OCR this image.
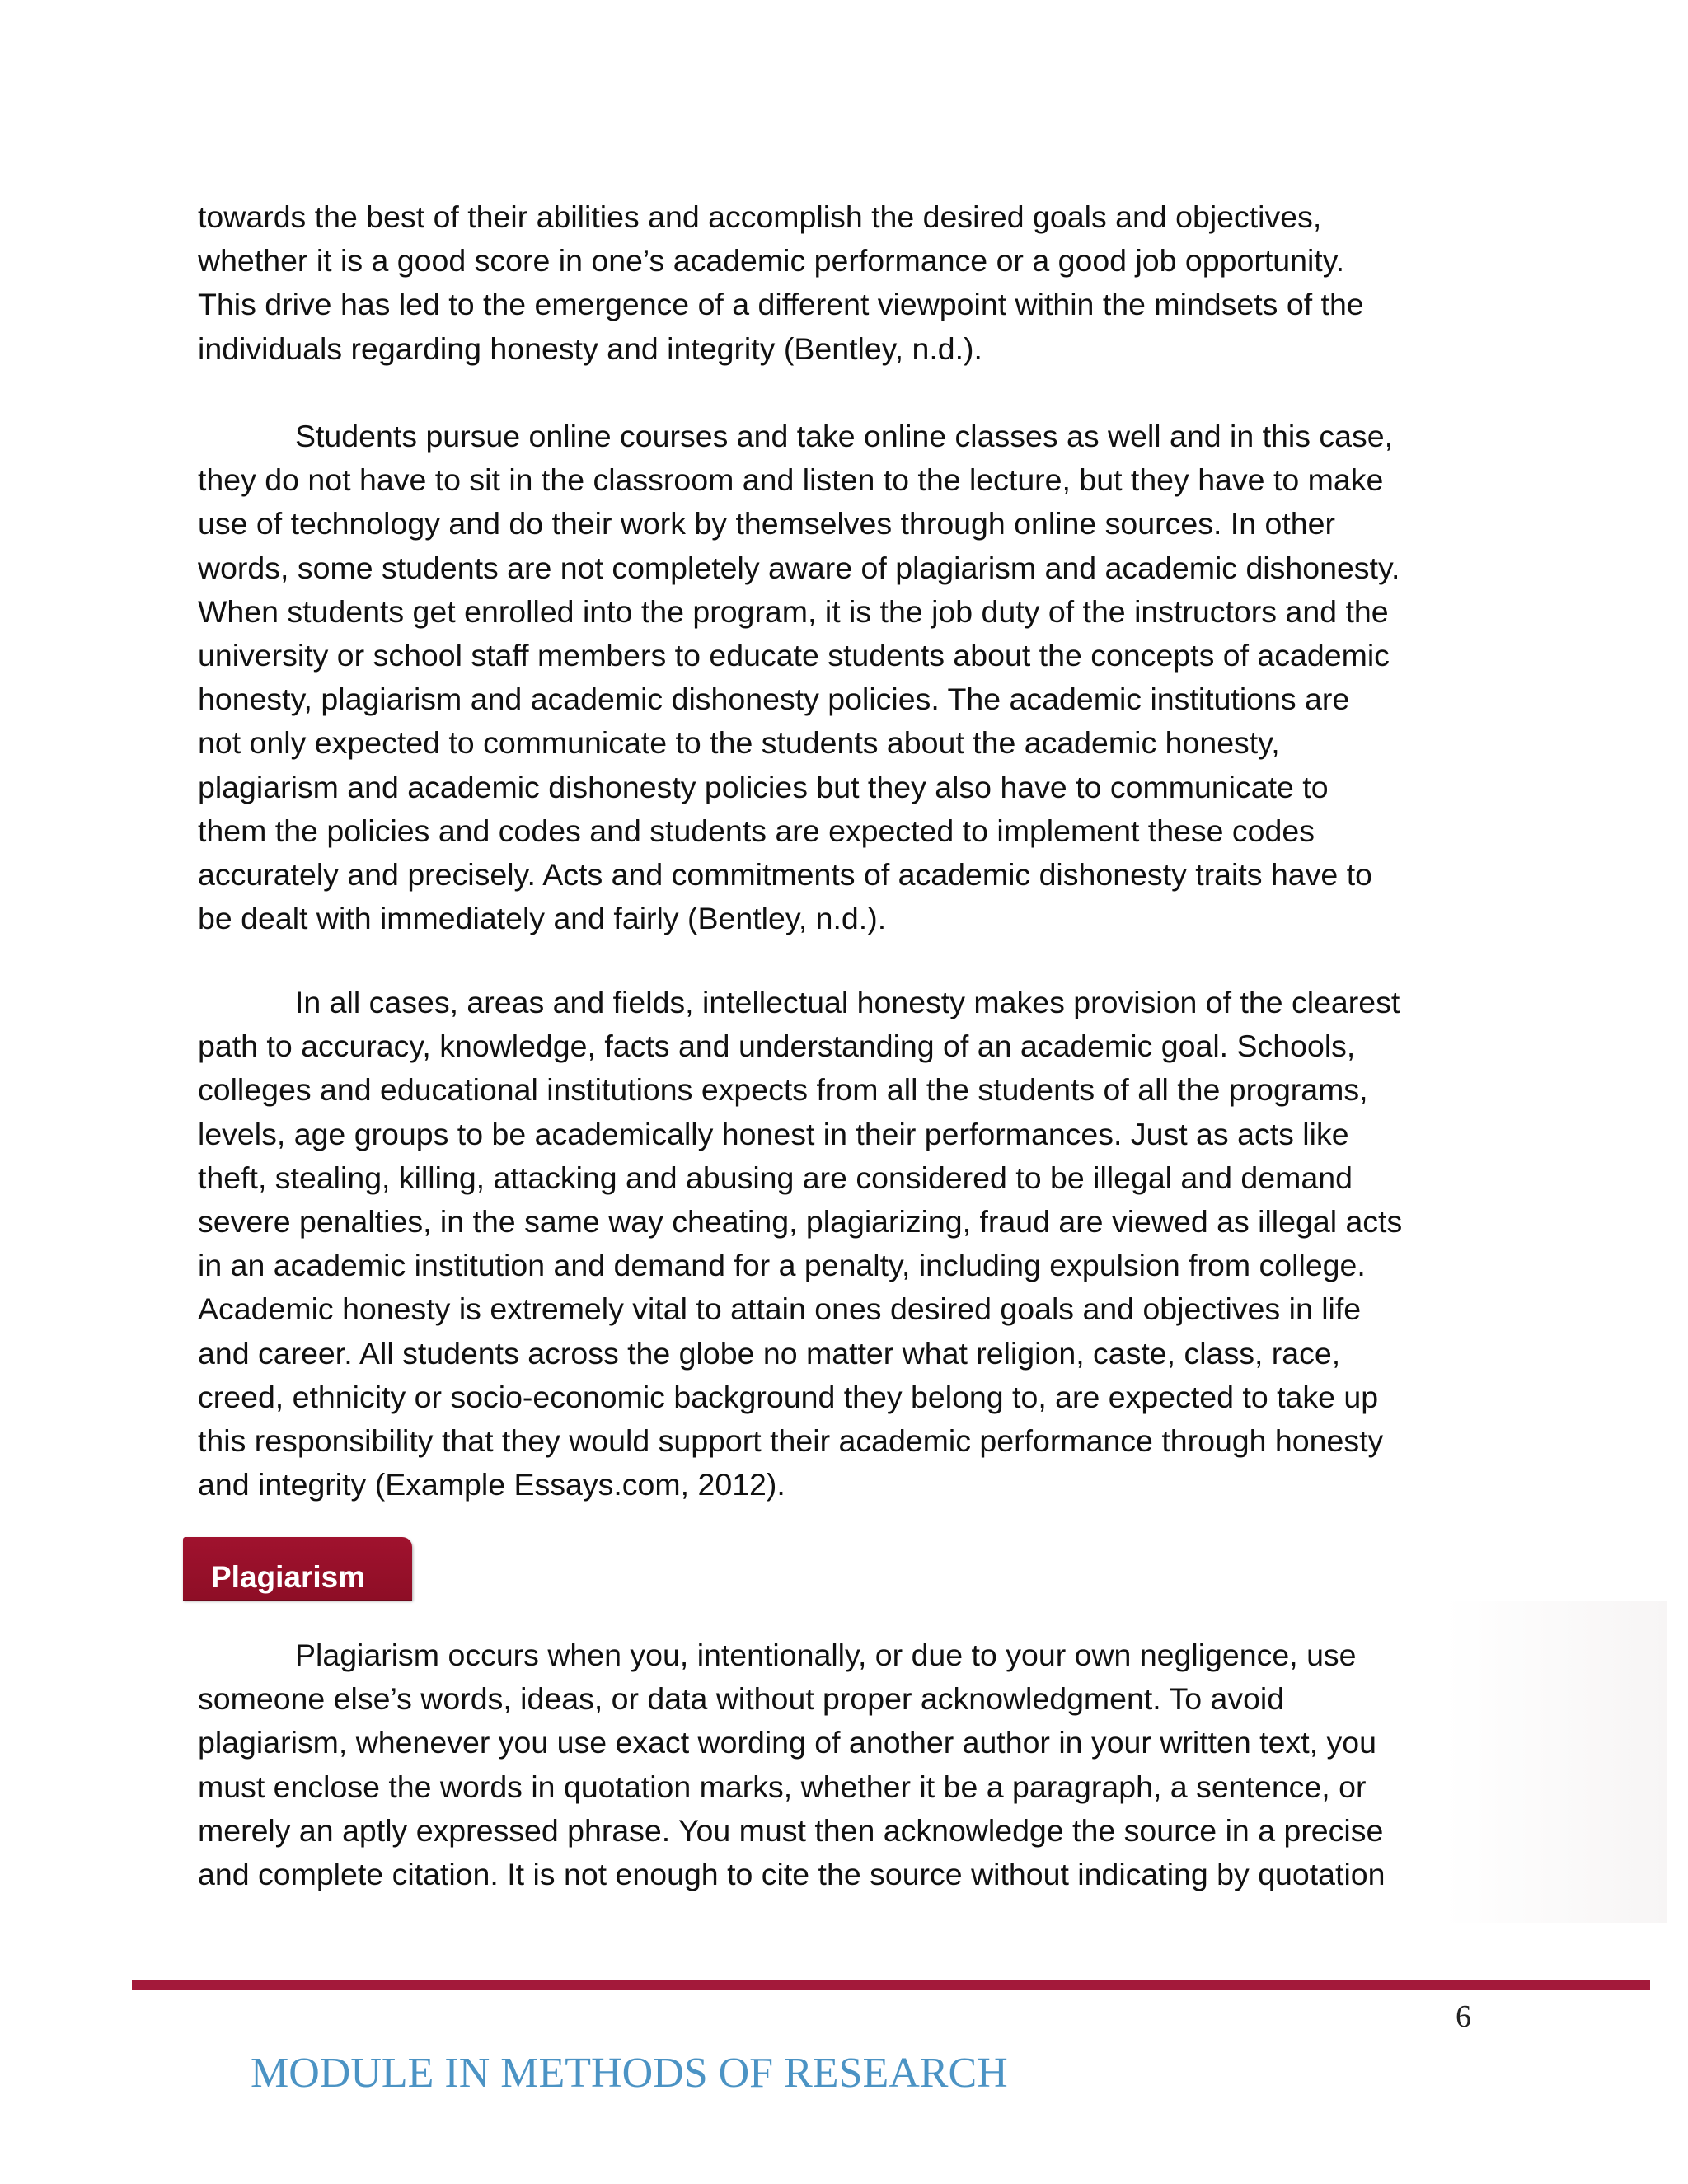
towards the best of their abilities and accomplish the desired goals and objectives,
whether it is a good score in one’s academic performance or a good job opportunity.
This drive has led to the emergence of a different viewpoint within the mindsets of the
individuals regarding honesty and integrity (Bentley, n.d.).

Students pursue online courses and take online classes as well and in this case,
they do not have to sit in the classroom and listen to the lecture, but they have to make
use of technology and do their work by themselves through online sources. In other
words, some students are not completely aware of plagiarism and academic dishonesty.
When students get enrolled into the program, it is the job duty of the instructors and the
university or school staff members to educate students about the concepts of academic
honesty, plagiarism and academic dishonesty policies. The academic institutions are
not only expected to communicate to the students about the academic honesty,
plagiarism and academic dishonesty policies but they also have to communicate to
them the policies and codes and students are expected to implement these codes
accurately and precisely. Acts and commitments of academic dishonesty traits have to
be dealt with immediately and fairly (Bentley, n.d.).

In all cases, areas and fields, intellectual honesty makes provision of the clearest
path to accuracy, knowledge, facts and understanding of an academic goal. Schools,
colleges and educational institutions expects from all the students of all the programs,
levels, age groups to be academically honest in their performances. Just as acts like
theft, stealing, killing, attacking and abusing are considered to be illegal and demand
severe penalties, in the same way cheating, plagiarizing, fraud are viewed as illegal acts
in an academic institution and demand for a penalty, including expulsion from college.
Academic honesty is extremely vital to attain ones desired goals and objectives in life
and career. All students across the globe no matter what religion, caste, class, race,
creed, ethnicity or socio-economic background they belong to, are expected to take up
this responsibility that they would support their academic performance through honesty
and integrity (Example Essays.com, 2012).

Plagiarism

Plagiarism occurs when you, intentionally, or due to your own negligence, use
someone else’s words, ideas, or data without proper acknowledgment. To avoid
plagiarism, whenever you use exact wording of another author in your written text, you
must enclose the words in quotation marks, whether it be a paragraph, a sentence, or
merely an aptly expressed phrase. You must then acknowledge the source in a precise
and complete citation. It is not enough to cite the source without indicating by quotation

6
MODULE IN METHODS OF RESEARCH
